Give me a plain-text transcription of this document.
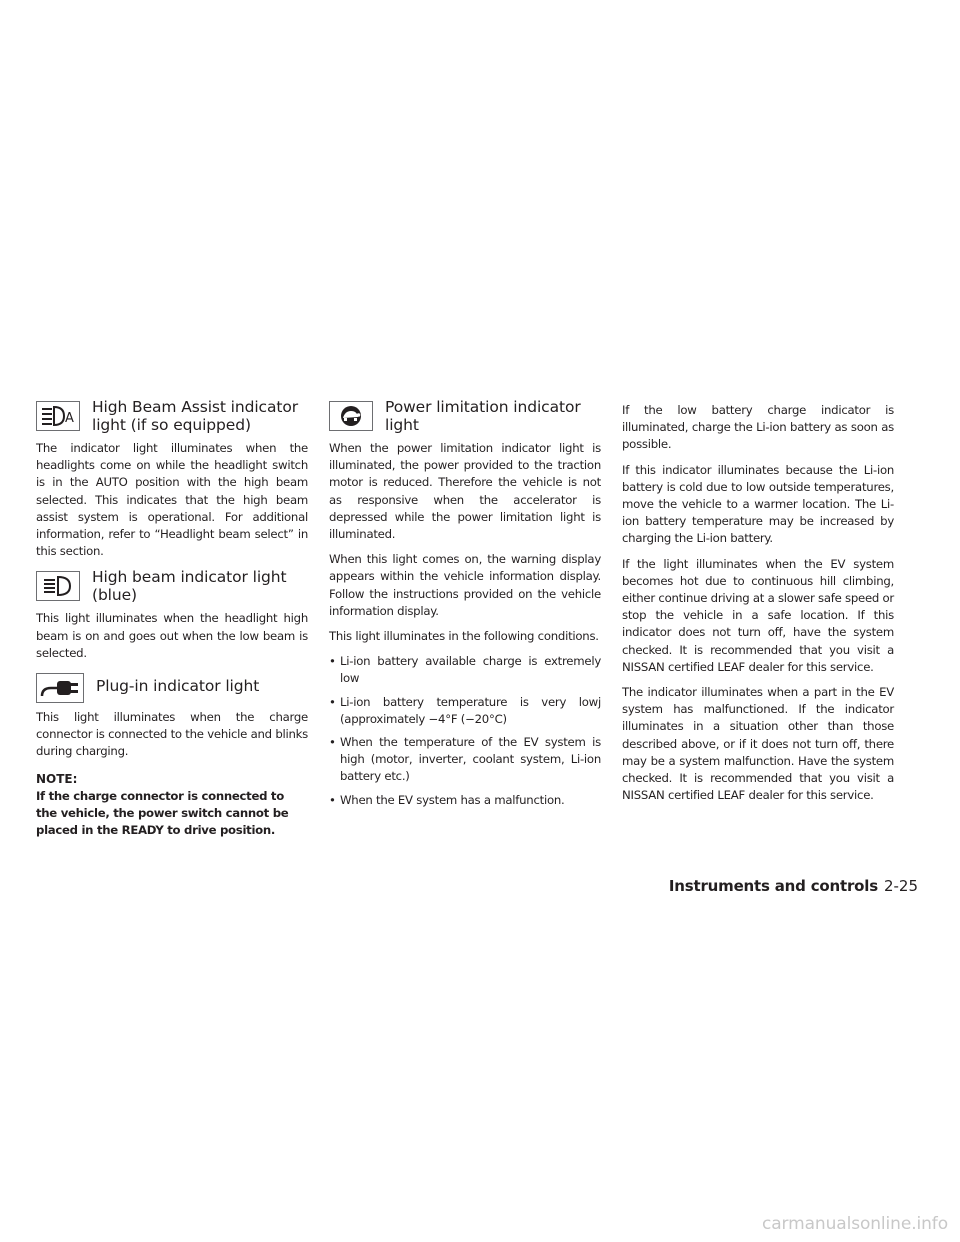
A
High Beam Assist indicator light (if so equipped)

The indicator light illuminates when the headlights come on while the headlight switch is in the AUTO position with the high beam selected. This indicates that the high beam assist system is operational. For additional information, refer to “Headlight beam select” in this section.

High beam indicator light (blue)

This light illuminates when the headlight high beam is on and goes out when the low beam is selected.

Plug-in indicator light

This light illuminates when the charge connector is connected to the vehicle and blinks during charging.

NOTE:

If the charge connector is connected to the vehicle, the power switch cannot be placed in the READY to drive position.

Power limitation indicator light

When the power limitation indicator light is illuminated, the power provided to the traction motor is reduced. Therefore the vehicle is not as responsive when the accelerator is depressed while the power limitation light is illuminated.

When this light comes on, the warning display appears within the vehicle information display. Follow the instructions provided on the vehicle information display.

This light illuminates in the following conditions.

• Li-ion battery available charge is extremely low
• Li-ion battery temperature is very lowj (approximately −4°F (−20°C)
• When the temperature of the EV system is high (motor, inverter, coolant system, Li-ion battery etc.)
• When the EV system has a malfunction.

If the low battery charge indicator is illuminated, charge the Li-ion battery as soon as possible.

If this indicator illuminates because the Li-ion battery is cold due to low outside temperatures, move the vehicle to a warmer location. The Li-ion battery temperature may be increased by charging the Li-ion battery.

If the light illuminates when the EV system becomes hot due to continuous hill climbing, either continue driving at a slower safe speed or stop the vehicle in a safe location. If this indicator does not turn off, have the system checked. It is recommended that you visit a NISSAN certified LEAF dealer for this service.

The indicator illuminates when a part in the EV system has malfunctioned. If the indicator illuminates in a situation other than those described above, or if it does not turn off, there may be a system malfunction. Have the system checked. It is recommended that you visit a NISSAN certified LEAF dealer for this service.

Instruments and controls 2-25
carmanualsonline.info
